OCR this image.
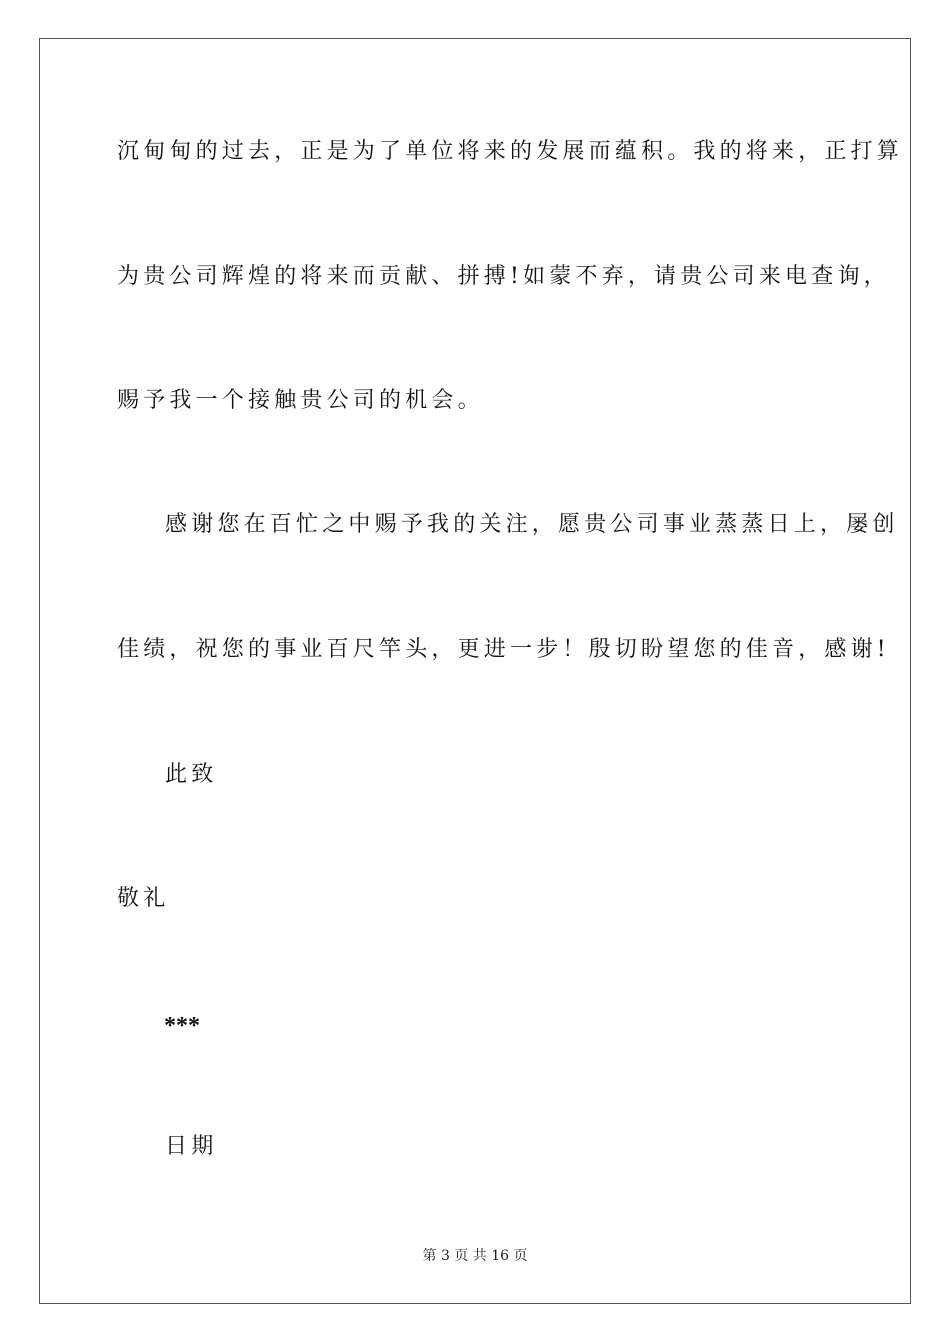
沉甸甸的过去，正是为了单位将来的发展而蕴积。我的将来，正打算
为贵公司辉煌的将来而贡献、拼搏!如蒙不弃，请贵公司来电查询，
赐予我一个接触贵公司的机会。
感谢您在百忙之中赐予我的关注，愿贵公司事业蒸蒸日上，屡创
佳绩，祝您的事业百尺竿头，更进一步！殷切盼望您的佳音，感谢!
此致
敬礼
***
日期
第 3 页 共 16 页
